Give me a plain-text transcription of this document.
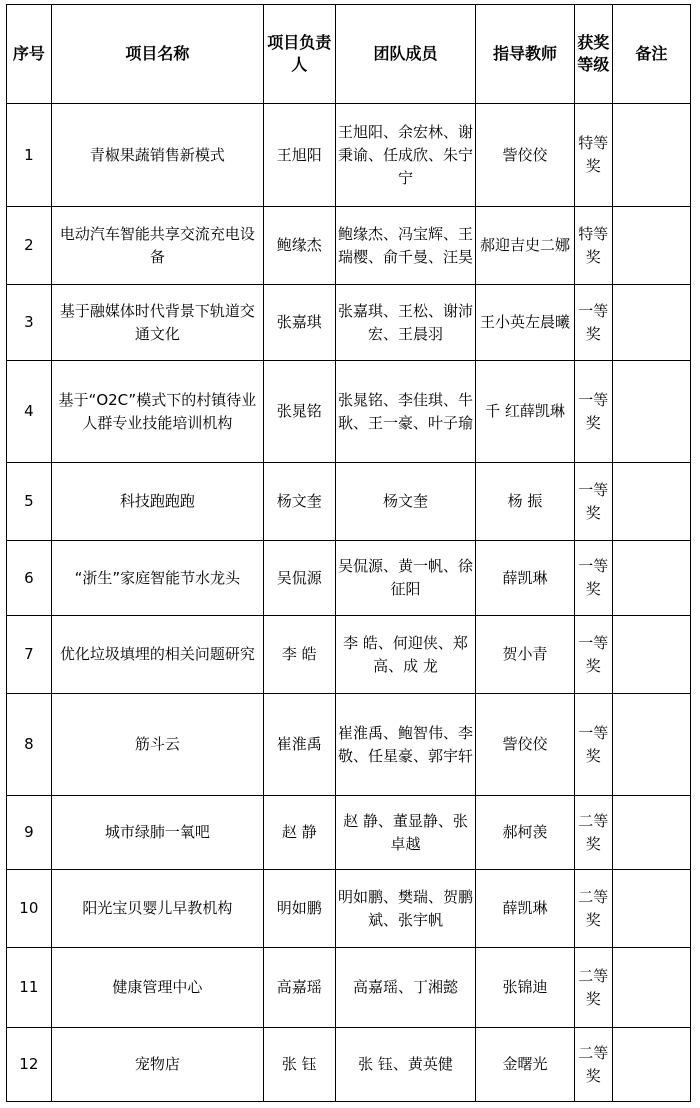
序号	项目名称	项目负责人	团队成员	指导教师	获奖等级	备注
1	青椒果蔬销售新模式	王旭阳	王旭阳、余宏林、谢秉谕、任成欣、朱宁宁	訾佼佼	特等奖	
2	电动汽车智能共享交流充电设备	鲍缘杰	鲍缘杰、冯宝辉、王瑞樱、俞千曼、汪昊	郝迎吉史二娜	特等奖	
3	基于融媒体时代背景下轨道交通文化	张嘉琪	张嘉琪、王松、谢沛宏、王晨羽	王小英左晨曦	一等奖	
4	基于“O2C”模式下的村镇待业人群专业技能培训机构	张晁铭	张晁铭、李佳琪、牛 耿、王一豪、叶子瑜	千 红薛凯琳	一等奖	
5	科技跑跑跑	杨文奎	杨文奎	杨 振	一等奖	
6	“浙生”家庭智能节水龙头	吴侃源	吴侃源、黄一帆、徐征阳	薛凯琳	一等奖	
7	优化垃圾填埋的相关问题研究	李 皓	李 皓、何迎侠、郑 高、成 龙	贺小青	一等奖	
8	筋斗云	崔淮禹	崔淮禹、鲍智伟、李 敬、任星豪、郭宇轩	訾佼佼	一等奖	
9	城市绿肺一氧吧	赵 静	赵 静、董显静、张卓越	郝柯羡	二等奖	
10	阳光宝贝婴儿早教机构	明如鹏	明如鹏、樊瑞、贺鹏斌、张宇帆	薛凯琳	二等奖	
11	健康管理中心	高嘉瑶	高嘉瑶、丁湘懿	张锦迪	二等奖	
12	宠物店	张 钰	张 钰、黄英健	金曙光	二等奖	
